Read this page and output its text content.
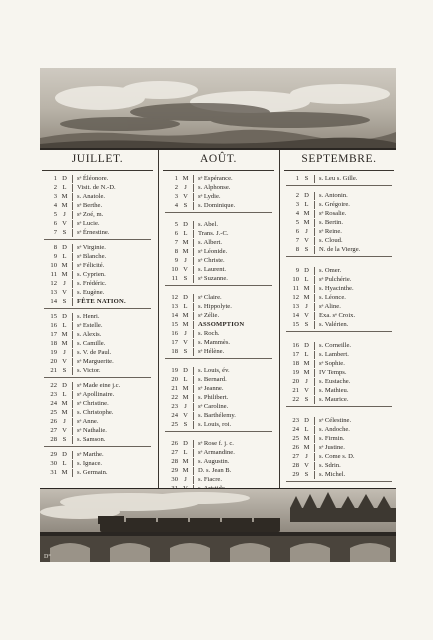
JUILLET.
1 D	sᵉ Éléonore.
2 L	Visit. de N.-D.
3 M s. Anatole.
4 M sᵉ Berthe.
5 J	sᵉ Zoé, m.
6 V	sᵉ Lucie.
7 S	sᵉ Érnestine.
8 D	sᵉ Virginie.
9 L	sᵉ Blanche.
10 M sᵉ Félicité.
11 M s. Cyprien.
12 J	s. Frédéric.
13 V	s. Eugène.
14 S	FÊTE NATION.
15 D	s. Henri.
16 L	sᵉ Estelle.
17 M s. Alexis.
18 M s. Camille.
19 J	s. V. de Paul.
20 V	sᵉ Marguerite.
21 S	s. Victor.
22 D	sᵉ Made eine j.c.
23 L	sᵉ Apollinaire.
24 M sᵉ Christine.
25 M s. Christophe.
26 J	sᵉ Anne.
27 V	sᵉ Nathalie.
28 S	s. Samson.
29 D	sᵉ Marthe.
30 L	s. Ignace.
31 M s. Germain.
AOÛT.
1 M sᵉ Espérance.
2 J	s. Alphonse.
3 V	sᵉ Lydie.
4 S	s. Dominique.
5 D	s. Abel.
6 L	Trans. J.-C.
7 M s. Albert.
8 M sᵉ Léonide.
9 J	sᵉ Christe.
10 V	s. Laurent.
11 S	sᵉ Suzanne.
12 D	sᵉ Claire.
13 L	s. Hippolyte.
14 M sᵉ Zélie.
15 M ASSOMPTION
16 J	s. Roch.
17 V	s. Mammès.
18 S	sᵉ Hélène.
19 D	s. Louis, év.
20 L	s. Bernard.
21 M sᵉ Jeanne.
22 M s. Philibert.
23 J	sᵉ Caroline.
24 V	s. Barthélemy.
25 S	s. Louis, roi.
26 D	sᵉ Rose f. j. c.
27 L	sᵉ Armandine.
28 M s. Augustin.
29 M D. s. Jean B.
30 J	s. Fiacre.
SEPTEMBRE.
1 S	s. Leu s. Gille.
2 D	s. Antonin.
3 L	s. Grégoire.
4 M sᵉ Rosalie.
5 M s. Bertin.
6 J	sᵉ Reine.
7 V	s. Cloud.
8 S	N. de la Vierge.
9 D	s. Omer.
10 L	sᵉ Pulchérie.
11 M s. Hyacinthe.
12 M s. Léonce.
13 J	sᵉ Aline.
14 V	Exa. sᵉ Croix.
15 S	s. Valérien.
16 D	s. Corneille.
17 L	s. Lambert.
18 M sᵉ Sophie.
19 M IV Temps.
20 J	s. Eustache.
21 V	s. Mathieu.
22 S	s. Maurice.
23 D	sᵉ Célestine.
24 L	s. Andoche.
25 M s. Firmin.
26 M sᵉ Justine.
27 J	s. Come s. D.
28 V	s. Sdrin.
29 S	s. Michel.
D°
